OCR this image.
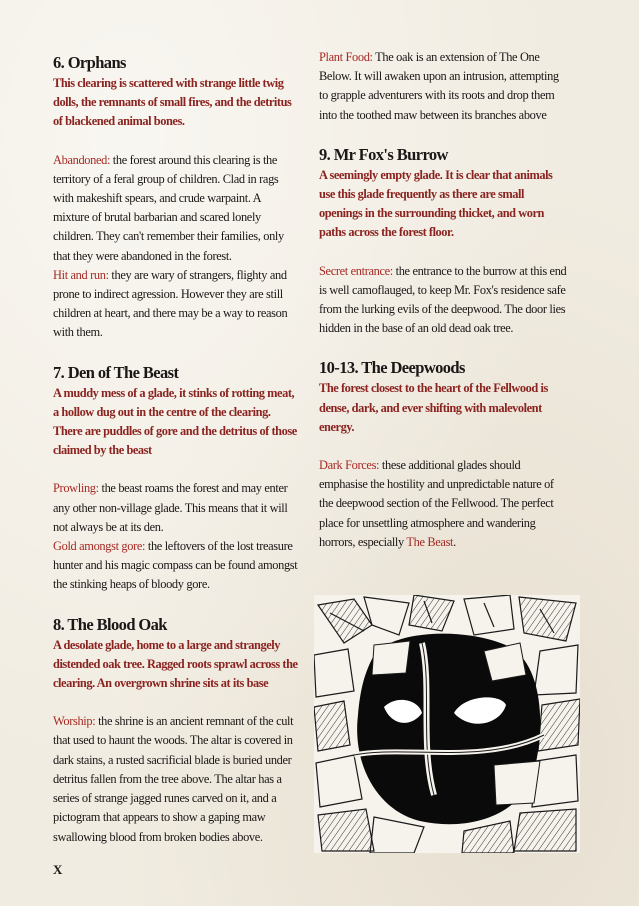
6. Orphans

This clearing is scattered with strange little twig dolls, the remnants of small fires, and the detritus of blackened animal bones.

Abandoned: the forest around this clearing is the territory of a feral group of children. Clad in rags with makeshift spears, and crude warpaint. A mixture of brutal barbarian and scared lonely children. They can't remember their families, only that they were abandoned in the forest.

Hit and run: they are wary of strangers, flighty and prone to indirect agression. However they are still children at heart, and there may be a way to reason with them.

7. Den of The Beast

A muddy mess of a glade, it stinks of rotting meat, a hollow dug out in the centre of the clearing. There are puddles of gore and the detritus of those claimed by the beast

Prowling: the beast roams the forest and may enter any other non-village glade. This means that it will not always be at its den.

Gold amongst gore: the leftovers of the lost treasure hunter and his magic compass can be found amongst the stinking heaps of bloody gore.

8. The Blood Oak

A desolate glade, home to a large and strangely distended oak tree. Ragged roots sprawl across the clearing. An overgrown shrine sits at its base

Worship: the shrine is an ancient remnant of the cult that used to haunt the woods. The altar is covered in dark stains, a rusted sacrificial blade is buried under detritus fallen from the tree above. The altar has a series of strange jagged runes carved on it, and a pictogram that appears to show a gaping maw swallowing blood from broken bodies above.

Plant Food: The oak is an extension of The One Below. It will awaken upon an intrusion, attempting to grapple adventurers with its roots and drop them into the toothed maw between its branches above

9. Mr Fox's Burrow

A seemingly empty glade. It is clear that animals use this glade frequently as there are small openings in the surrounding thicket, and worn paths across the forest floor.

Secret entrance: the entrance to the burrow at this end is well camoflauged, to keep Mr. Fox's residence safe from the lurking evils of the deepwood. The door lies hidden in the base of an old dead oak tree.

10-13. The Deepwoods

The forest closest to the heart of the Fellwood is dense, dark, and ever shifting with malevolent energy.

Dark Forces: these additional glades should emphasise the hostility and unpredictable nature of the deepwood section of the Fellwood. The perfect place for unsettling atmosphere and wandering horrors, especially The Beast.

X
